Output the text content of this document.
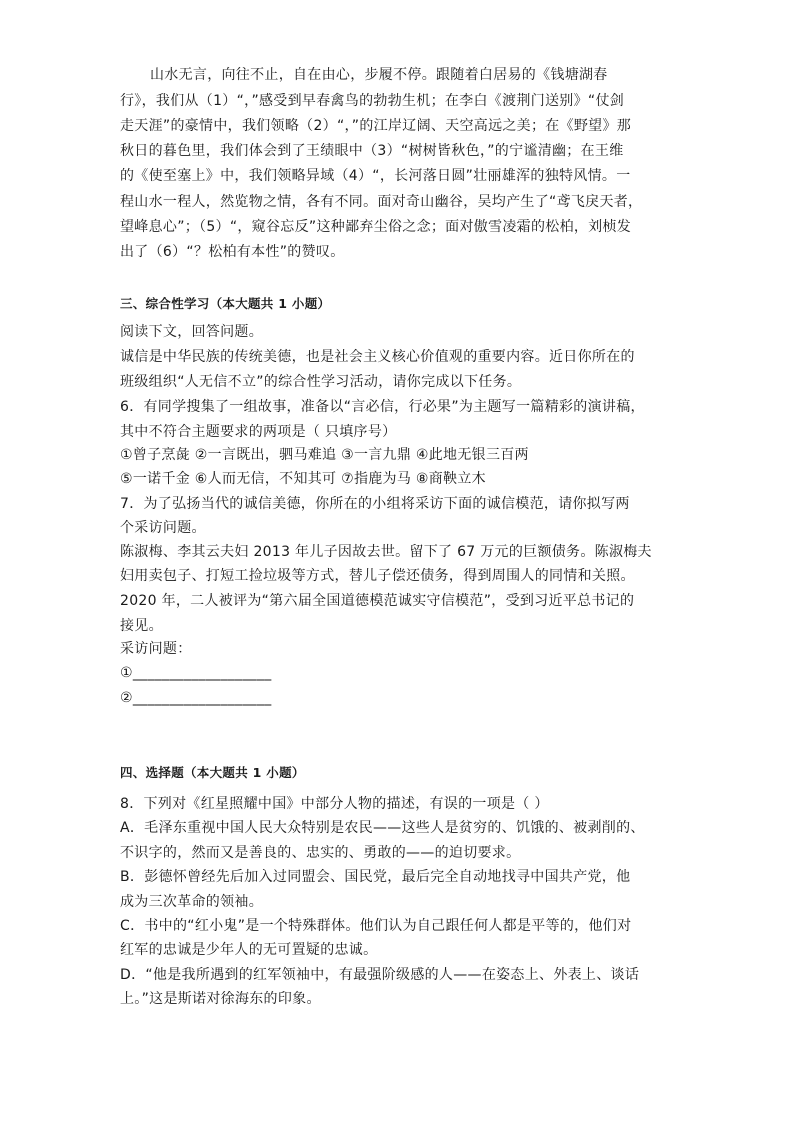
山水无言，向往不止，自在由心，步履不停。跟随着白居易的《钱塘湖春
行》，我们从（1）“，”感受到早春禽鸟的勃勃生机；在李白《渡荆门送别》“仗剑
走天涯”的豪情中，我们领略（2）“，”的江岸辽阔、天空高远之美；在《野望》那
秋日的暮色里，我们体会到了王绩眼中（3）“树树皆秋色，”的宁谧清幽；在王维
的《使至塞上》中，我们领略异域（4）“，长河落日圆”壮丽雄浑的独特风情。一
程山水一程人，然览物之情，各有不同。面对奇山幽谷，吴均产生了“鸢飞戾天者，
望峰息心”；（5）“，窥谷忘反”这种鄙弃尘俗之念；面对傲雪凌霜的松柏，刘桢发
出了（6）“？松柏有本性”的赞叹。
三、综合性学习（本大题共 1 小题）
阅读下文，回答问题。
诚信是中华民族的传统美德，也是社会主义核心价值观的重要内容。近日你所在的
班级组织“人无信不立”的综合性学习活动，请你完成以下任务。
6．有同学搜集了一组故事，准备以“言必信，行必果”为主题写一篇精彩的演讲稿，
其中不符合主题要求的两项是（ 只填序号）
①曾子烹彘 ②一言既出，驷马难追 ③一言九鼎 ④此地无银三百两
⑤一诺千金 ⑥人而无信，不知其可 ⑦指鹿为马 ⑧商鞅立木
7．为了弘扬当代的诚信美德，你所在的小组将采访下面的诚信模范，请你拟写两
个采访问题。
陈淑梅、李其云夫妇 2013 年儿子因故去世。留下了 67 万元的巨额债务。陈淑梅夫
妇用卖包子、打短工捡垃圾等方式，替儿子偿还债务，得到周围人的同情和关照。
2020 年，二人被评为“第六届全国道德模范诚实守信模范”，受到习近平总书记的
接见。
采访问题：
①___________________
②___________________
四、选择题（本大题共 1 小题）
8．下列对《红星照耀中国》中部分人物的描述，有误的一项是（ ）
A．毛泽东重视中国人民大众特别是农民——这些人是贫穷的、饥饿的、被剥削的、
不识字的，然而又是善良的、忠实的、勇敢的——的迫切要求。
B．彭德怀曾经先后加入过同盟会、国民党，最后完全自动地找寻中国共产党，他
成为三次革命的领袖。
C．书中的“红小鬼”是一个特殊群体。他们认为自己跟任何人都是平等的，他们对
红军的忠诚是少年人的无可置疑的忠诚。
D．“他是我所遇到的红军领袖中，有最强阶级感的人——在姿态上、外表上、谈话
上。”这是斯诺对徐海东的印象。
